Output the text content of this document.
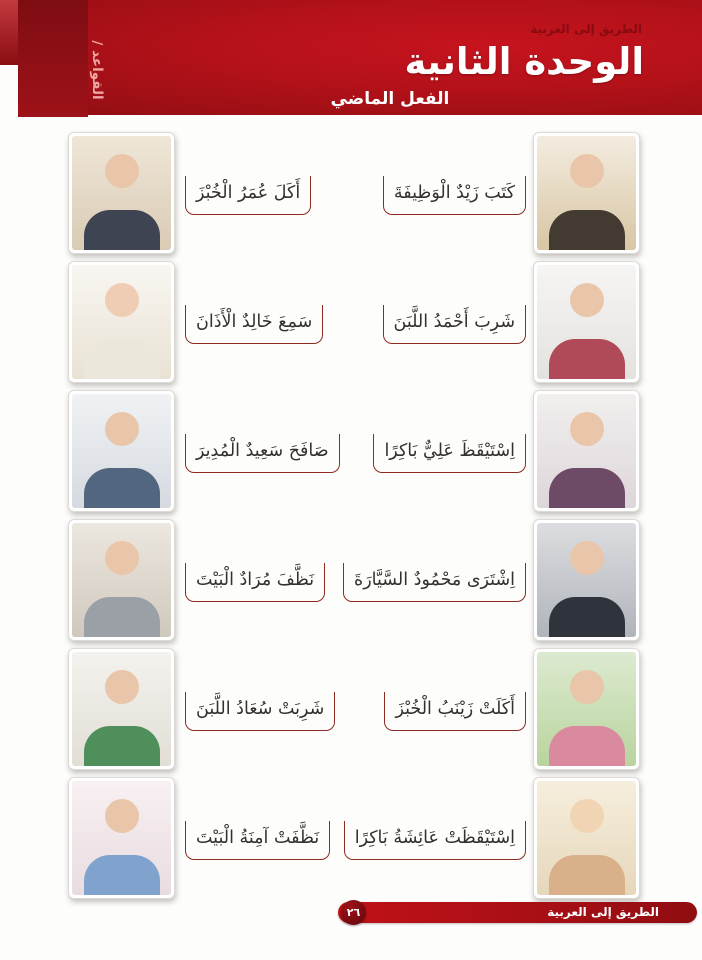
القواعد /
الطريق إلى العربية
الوحدة الثانية
الفعل الماضي
أَكَلَ عُمَرُ الْخُبْزَ	كَتَبَ زَيْدٌ الْوَظِيفَةَ
سَمِعَ خَالِدٌ الْأَذَانَ	شَرِبَ أَحْمَدُ اللَّبَنَ
صَافَحَ سَعِيدٌ الْمُدِيرَ	اِسْتَيْقَظَ عَلِيٌّ بَاكِرًا
نَظَّفَ مُرَادٌ الْبَيْتَ	اِشْتَرَى مَحْمُودٌ السَّيَّارَةَ
شَرِبَتْ سُعَادُ اللَّبَنَ	أَكَلَتْ زَيْنَبُ الْخُبْزَ
نَظَّفَتْ آمِنَةُ الْبَيْتَ	اِسْتَيْقَظَتْ عَائِشَةُ بَاكِرًا
الطريق إلى العربية
٢٦
